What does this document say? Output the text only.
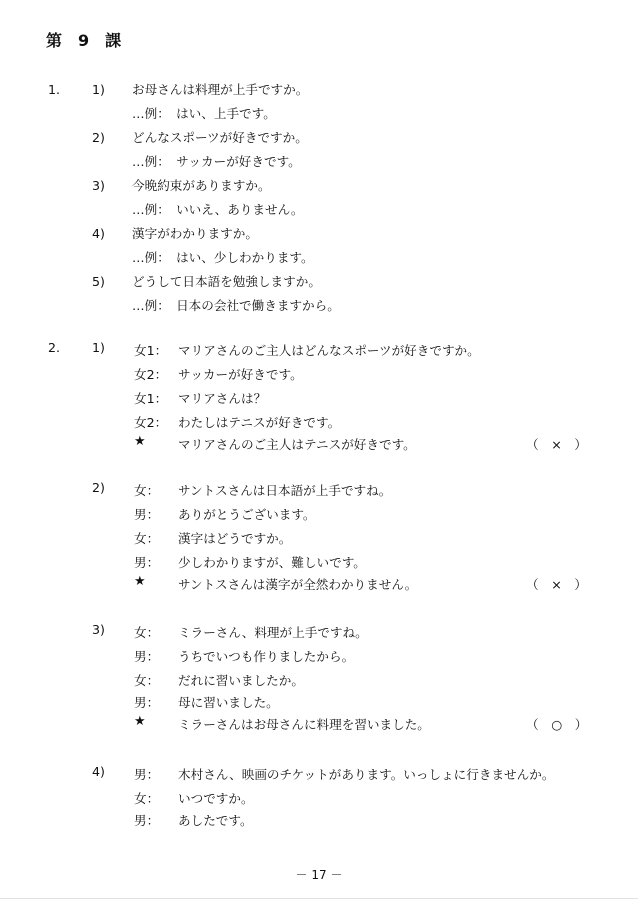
第 9 課
1.	1) お母さんは料理が上手ですか。
…例：　はい、上手です。
2) どんなスポーツが好きですか。
…例：　サッカーが好きです。
3) 今晩約束がありますか。
…例：　いいえ、ありません。
4) 漢字がわかりますか。
…例：　はい、少しわかります。
5) どうして日本語を勉強しますか。
…例：　日本の会社で働きますから。
2.	1) 女1： マリアさんのご主人はどんなスポーツが好きですか。
女2： サッカーが好きです。
女1： マリアさんは？
女2： わたしはテニスが好きです。
★	マリアさんのご主人はテニスが好きです。	（　×　）
2) 女： サントスさんは日本語が上手ですね。
男： ありがとうございます。
女： 漢字はどうですか。
男： 少しわかりますが、難しいです。
★	サントスさんは漢字が全然わかりません。	（　×　）
3) 女： ミラーさん、料理が上手ですね。
男： うちでいつも作りましたから。
女： だれに習いましたか。
男： 母に習いました。
★	ミラーさんはお母さんに料理を習いました。	（　○　）
4) 男： 木村さん、映画のチケットがあります。いっしょに行きませんか。
女： いつですか。
男： あしたです。
－ 17 －
